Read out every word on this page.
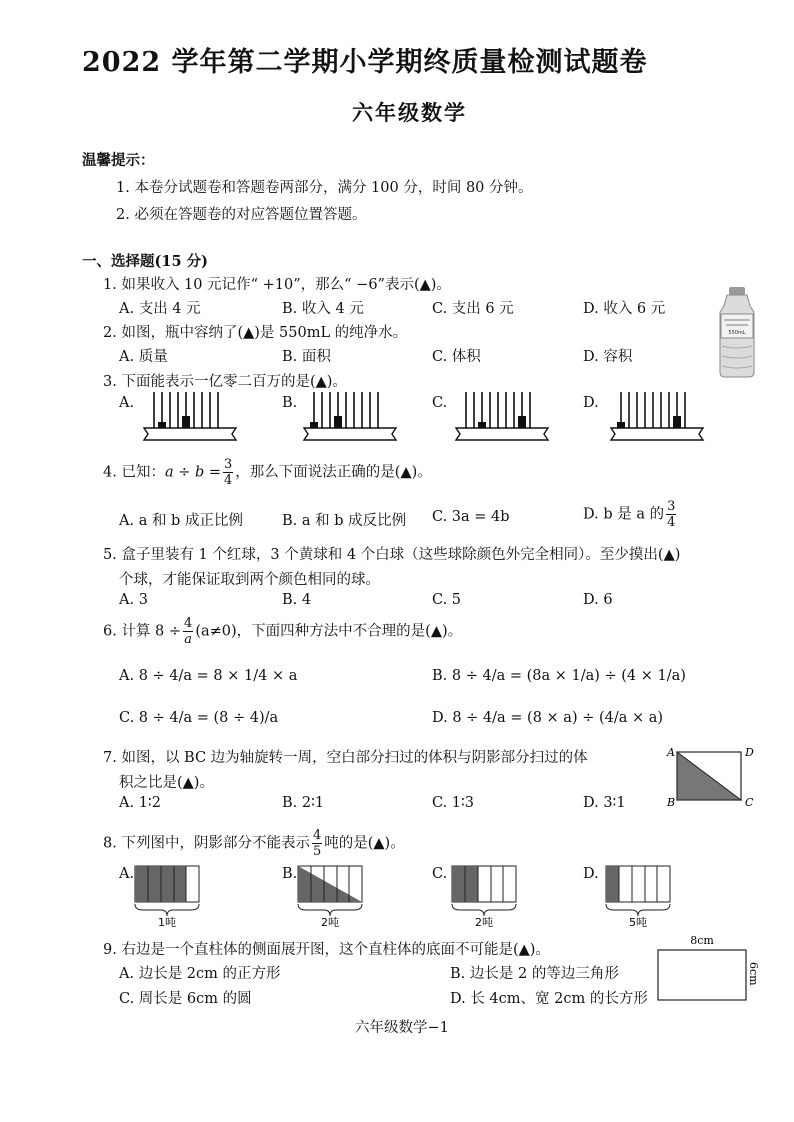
2022 学年第二学期小学期终质量检测试题卷
六年级数学
温馨提示：
1. 本卷分试题卷和答题卷两部分，满分 100 分，时间 80 分钟。
2. 必须在答题卷的对应答题位置答题。
一、选择题(15 分)
1. 如果收入 10 元记作“ +10”，那么“ −6”表示(▲)。
A. 支出 4 元	B. 收入 4 元	C. 支出 6 元	D. 收入 6 元
550mL
2. 如图，瓶中容纳了(▲)是 550mL 的纯净水。
A. 质量	B. 面积	C. 体积	D. 容积
3. 下面能表示一亿零二百万的是(▲)。
A.	B.	C.	D.
4. 已知：$a \div b = \frac{3}{4}$ ，那么下面说法正确的是(▲)。
A. a 和 b 成正比例	B. a 和 b 成反比例 C. 3a = 4b	D. b 是 a 的 $\frac{3}{4}$
5. 盒子里装有 1 个红球，3 个黄球和 4 个白球（这些球除颜色外完全相同）。至少摸出(▲)
个球，才能保证取到两个颜色相同的球。
A. 3	B. 4	C. 5	D. 6
6. 计算 $8 \div \frac{4}{a} (a\ne 0)$，下面四种方法中不合理的是(▲)。
A. 8 ÷ 4/a = 8 × 1/4 × a	B. 8 ÷ 4/a = (8a × 1/a) ÷ (4 × 1/a)
C. 8 ÷ 4/a = (8 ÷ 4)/a	D. 8 ÷ 4/a = (8 × a) ÷ (4/a × a)
7. 如图，以 BC 边为轴旋转一周，空白部分扫过的体积与阴影部分扫过的体
积之比是(▲)。
A. 1∶2	B. 2∶1	C. 1∶3	D. 3∶1
A	D
B	C
8. 下列图中，阴影部分不能表示 $\frac{4}{5}$ 吨的是(▲)。
A.	B.	C.	D.
1吨	2吨	2吨	5吨
9. 右边是一个直柱体的侧面展开图，这个直柱体的底面不可能是(▲)。
A. 边长是 2cm 的正方形	B. 边长是 2 的等边三角形
C. 周长是 6cm 的圆	D. 长 4cm、宽 2cm 的长方形
8cm
6cm
六年级数学−1
